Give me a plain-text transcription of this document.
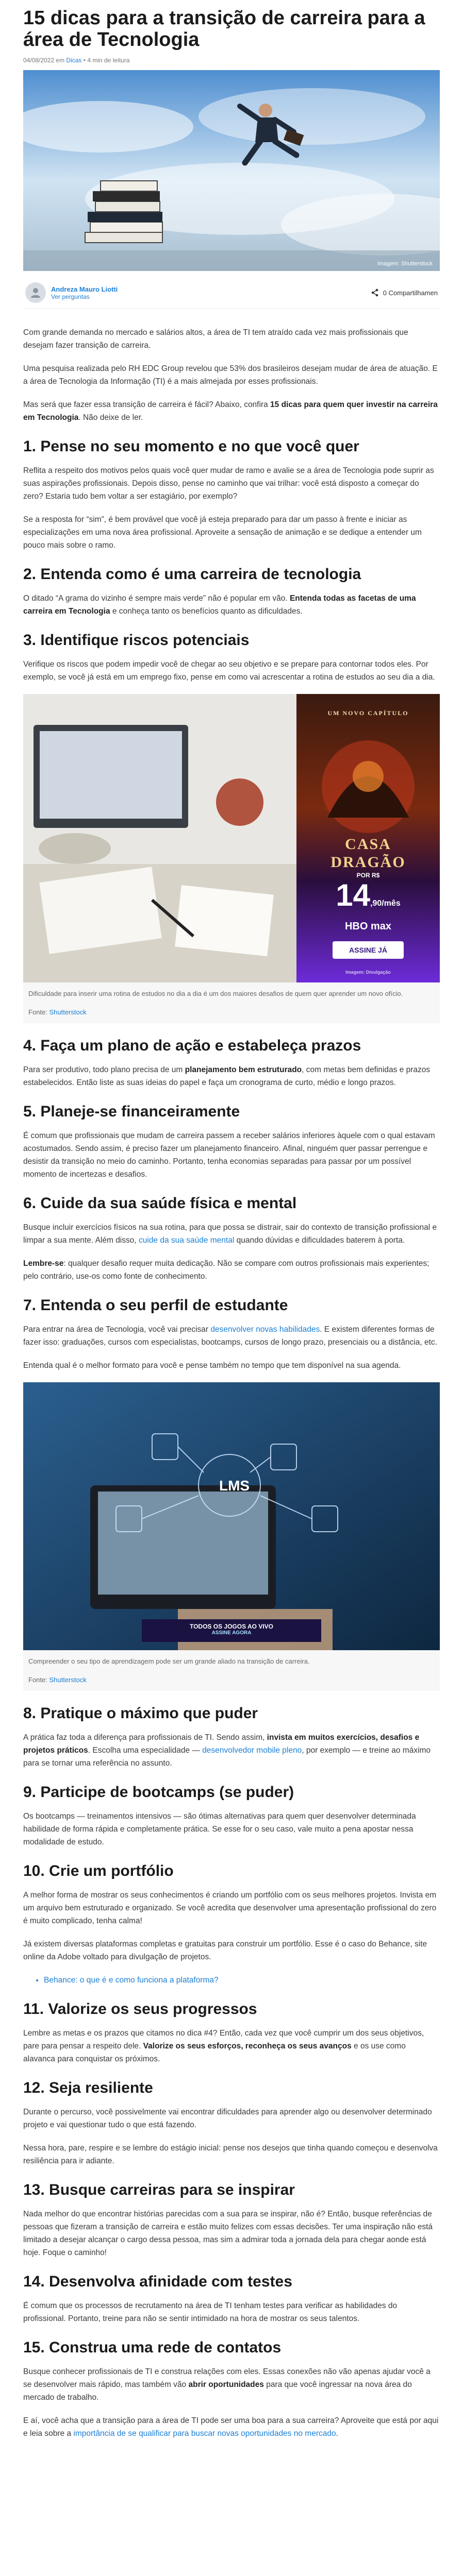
15 dicas para a transição de carreira para a área de Tecnologia
04/08/2022 em Dicas • 4 min de leitura
Imagem: Shutterstock
Andreza Mauro Liotti
Ver perguntas	0 Compartilhamen

Com grande demanda no mercado e salários altos, a área de TI tem atraído cada vez mais profissionais que desejam fazer transição de carreira.

Uma pesquisa realizada pelo RH EDC Group revelou que 53% dos brasileiros desejam mudar de área de atuação. E a área de Tecnologia da Informação (TI) é a mais almejada por esses profissionais.

Mas será que fazer essa transição de carreira é fácil? Abaixo, confira 15 dicas para quem quer investir na carreira em Tecnologia. Não deixe de ler.

1. Pense no seu momento e no que você quer

Reflita a respeito dos motivos pelos quais você quer mudar de ramo e avalie se a área de Tecnologia pode suprir as suas aspirações profissionais. Depois disso, pense no caminho que vai trilhar: você está disposto a começar do zero? Estaria tudo bem voltar a ser estagiário, por exemplo?

Se a resposta for “sim”, é bem provável que você já esteja preparado para dar um passo à frente e iniciar as especializações em uma nova área profissional. Aproveite a sensação de animação e se dedique a entender um pouco mais sobre o ramo.

2. Entenda como é uma carreira de tecnologia

O ditado “A grama do vizinho é sempre mais verde” não é popular em vão. Entenda todas as facetas de uma carreira em Tecnologia e conheça tanto os benefícios quanto as dificuldades.

3. Identifique riscos potenciais

Verifique os riscos que podem impedir você de chegar ao seu objetivo e se prepare para contornar todos eles. Por exemplo, se você já está em um emprego fixo, pense em como vai acrescentar a rotina de estudos ao seu dia a dia.

UM NOVO CAPÍTULO
CASA
DRAGÃO
POR R$
14,90/mês
HBO max
ASSINE JÁ
Imagem: Divulgação
Dificuldade para inserir uma rotina de estudos no dia a dia é um dos maiores desafios de quem quer aprender um novo ofício.
Fonte: Shutterstock
4. Faça um plano de ação e estabeleça prazos

Para ser produtivo, todo plano precisa de um planejamento bem estruturado, com metas bem definidas e prazos estabelecidos. Então liste as suas ideias do papel e faça um cronograma de curto, médio e longo prazos.

5. Planeje-se financeiramente

É comum que profissionais que mudam de carreira passem a receber salários inferiores àquele com o qual estavam acostumados. Sendo assim, é preciso fazer um planejamento financeiro. Afinal, ninguém quer passar perrengue e desistir da transição no meio do caminho. Portanto, tenha economias separadas para passar por um possível momento de incertezas e desafios.

6. Cuide da sua saúde física e mental

Busque incluir exercícios físicos na sua rotina, para que possa se distrair, sair do contexto de transição profissional e limpar a sua mente. Além disso, cuide da sua saúde mental quando dúvidas e dificuldades baterem à porta.

Lembre-se: qualquer desafio requer muita dedicação. Não se compare com outros profissionais mais experientes; pelo contrário, use-os como fonte de conhecimento.

7. Entenda o seu perfil de estudante

Para entrar na área de Tecnologia, você vai precisar desenvolver novas habilidades. E existem diferentes formas de fazer isso: graduações, cursos com especialistas, bootcamps, cursos de longo prazo, presenciais ou a distância, etc.

Entenda qual é o melhor formato para você e pense também no tempo que tem disponível na sua agenda.

LMS
TODOS OS JOGOS AO VIVO
ASSINE AGORA
Compreender o seu tipo de aprendizagem pode ser um grande aliado na transição de carreira.
Fonte: Shutterstock
8. Pratique o máximo que puder

A prática faz toda a diferença para profissionais de TI. Sendo assim, invista em muitos exercícios, desafios e projetos práticos. Escolha uma especialidade — desenvolvedor mobile pleno, por exemplo — e treine ao máximo para se tornar uma referência no assunto.

9. Participe de bootcamps (se puder)

Os bootcamps — treinamentos intensivos — são ótimas alternativas para quem quer desenvolver determinada habilidade de forma rápida e completamente prática. Se esse for o seu caso, vale muito a pena apostar nessa modalidade de estudo.

10. Crie um portfólio

A melhor forma de mostrar os seus conhecimentos é criando um portfólio com os seus melhores projetos. Invista em um arquivo bem estruturado e organizado. Se você acredita que desenvolver uma apresentação profissional do zero é muito complicado, tenha calma!

Já existem diversas plataformas completas e gratuitas para construir um portfólio. Esse é o caso do Behance, site online da Adobe voltado para divulgação de projetos.

• Behance: o que é e como funciona a plataforma?
11. Valorize os seus progressos

Lembre as metas e os prazos que citamos no dica #4? Então, cada vez que você cumprir um dos seus objetivos, pare para pensar a respeito dele. Valorize os seus esforços, reconheça os seus avanços e os use como alavanca para conquistar os próximos.

12. Seja resiliente

Durante o percurso, você possivelmente vai encontrar dificuldades para aprender algo ou desenvolver determinado projeto e vai questionar tudo o que está fazendo.

Nessa hora, pare, respire e se lembre do estágio inicial: pense nos desejos que tinha quando começou e desenvolva resiliência para ir adiante.

13. Busque carreiras para se inspirar

Nada melhor do que encontrar histórias parecidas com a sua para se inspirar, não é? Então, busque referências de pessoas que fizeram a transição de carreira e estão muito felizes com essas decisões. Ter uma inspiração não está limitado a desejar alcançar o cargo dessa pessoa, mas sim a admirar toda a jornada dela para chegar aonde está hoje. Foque o caminho!

14. Desenvolva afinidade com testes

É comum que os processos de recrutamento na área de TI tenham testes para verificar as habilidades do profissional. Portanto, treine para não se sentir intimidado na hora de mostrar os seus talentos.

15. Construa uma rede de contatos

Busque conhecer profissionais de TI e construa relações com eles. Essas conexões não vão apenas ajudar você a se desenvolver mais rápido, mas também vão abrir oportunidades para que você ingressar na nova área do mercado de trabalho.

E aí, você acha que a transição para a área de TI pode ser uma boa para a sua carreira? Aproveite que está por aqui e leia sobre a importância de se qualificar para buscar novas oportunidades no mercado.
